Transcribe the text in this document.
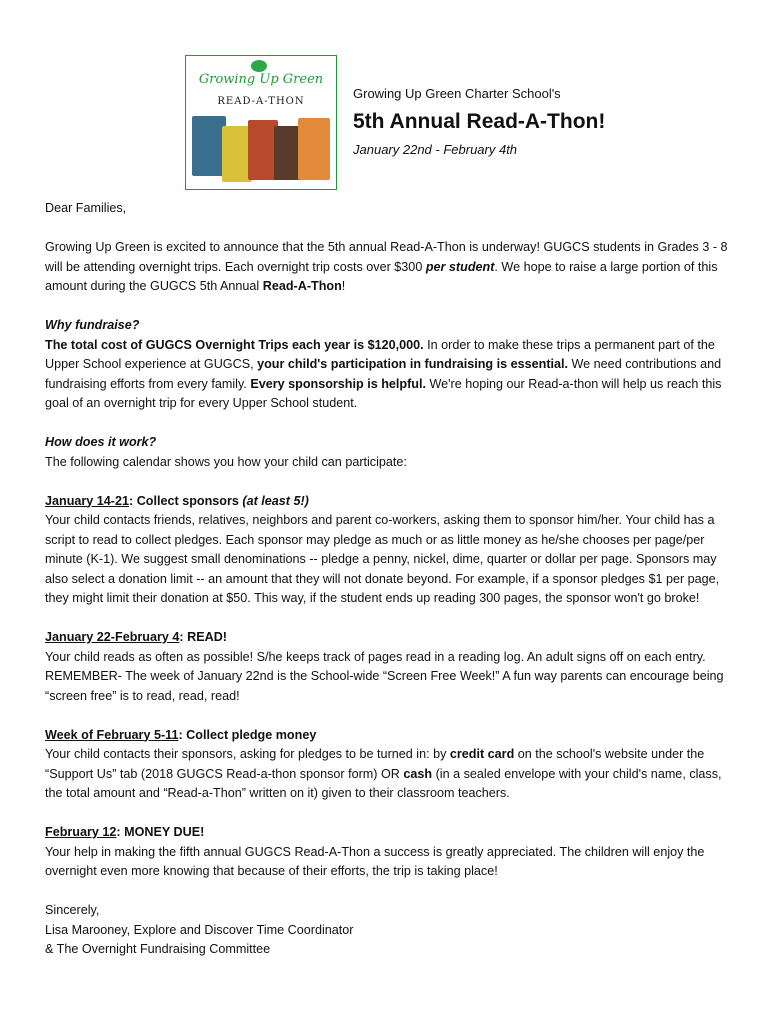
Growing Up Green
READ-A-THON

Growing Up Green Charter School's

5th Annual Read-A-Thon!

January 22nd - February 4th

Dear Families,

Growing Up Green is excited to announce that the 5th annual Read-A-Thon is underway! GUGCS students in Grades 3 - 8 will be attending overnight trips. Each overnight trip costs over $300 per student. We hope to raise a large portion of this amount during the GUGCS 5th Annual Read-A-Thon!

Why fundraise?

The total cost of GUGCS Overnight Trips each year is $120,000. In order to make these trips a permanent part of the Upper School experience at GUGCS, your child's participation in fundraising is essential. We need contributions and fundraising efforts from every family. Every sponsorship is helpful. We're hoping our Read-a-thon will help us reach this goal of an overnight trip for every Upper School student.

How does it work?

The following calendar shows you how your child can participate:

January 14-21: Collect sponsors (at least 5!)

Your child contacts friends, relatives, neighbors and parent co-workers, asking them to sponsor him/her. Your child has a script to read to collect pledges. Each sponsor may pledge as much or as little money as he/she chooses per page/per minute (K-1). We suggest small denominations -- pledge a penny, nickel, dime, quarter or dollar per page. Sponsors may also select a donation limit -- an amount that they will not donate beyond. For example, if a sponsor pledges $1 per page, they might limit their donation at $50. This way, if the student ends up reading 300 pages, the sponsor won't go broke!

January 22-February 4: READ!

Your child reads as often as possible! S/he keeps track of pages read in a reading log. An adult signs off on each entry. REMEMBER- The week of January 22nd is the School-wide “Screen Free Week!” A fun way parents can encourage being “screen free” is to read, read, read!

Week of February 5-11: Collect pledge money

Your child contacts their sponsors, asking for pledges to be turned in: by credit card on the school's website under the “Support Us” tab (2018 GUGCS Read-a-thon sponsor form) OR cash (in a sealed envelope with your child's name, class, the total amount and “Read-a-Thon” written on it) given to their classroom teachers.

February 12: MONEY DUE!

Your help in making the fifth annual GUGCS Read-A-Thon a success is greatly appreciated. The children will enjoy the overnight even more knowing that because of their efforts, the trip is taking place!

Sincerely,

Lisa Marooney, Explore and Discover Time Coordinator

& The Overnight Fundraising Committee
